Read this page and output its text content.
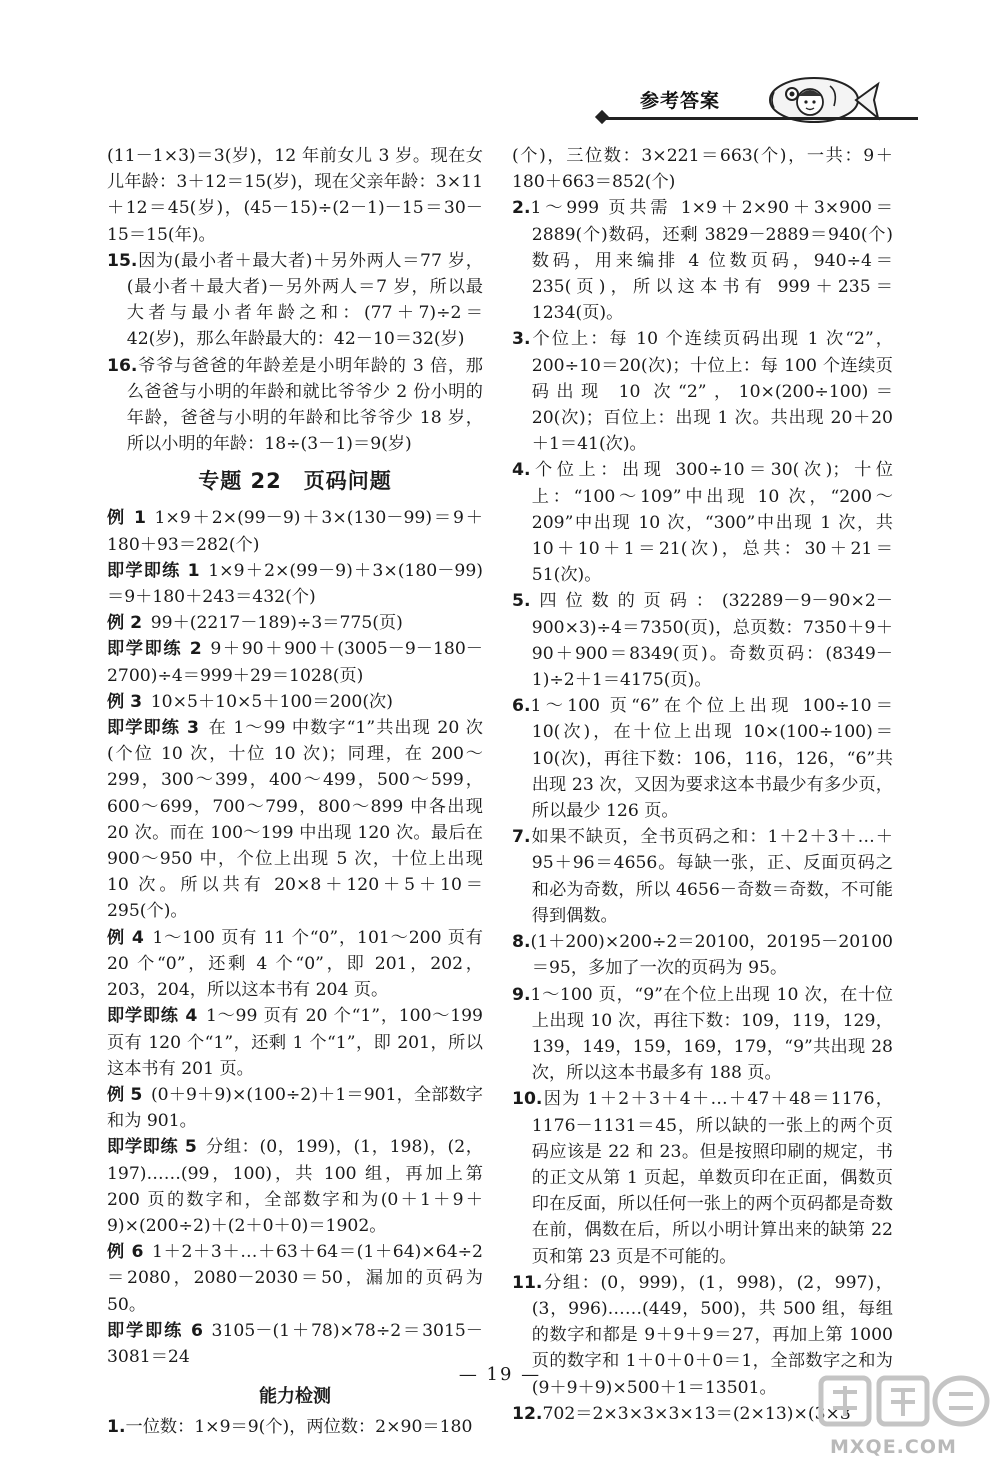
参考答案

(11－1×3)＝3(岁)，12 年前女儿 3 岁。现在女儿年龄：3＋12＝15(岁)，现在父亲年龄：3×11＋12＝45(岁)，(45－15)÷(2－1)－15＝30－15＝15(年)。

15.因为(最小者＋最大者)＋另外两人＝77 岁，(最小者＋最大者)－另外两人＝7 岁，所以最大者与最小者年龄之和：(77＋7)÷2＝42(岁)，那么年龄最大的：42－10＝32(岁)

16.爷爷与爸爸的年龄差是小明年龄的 3 倍，那么爸爸与小明的年龄和就比爷爷少 2 份小明的年龄，爸爸与小明的年龄和比爷爷少 18 岁，所以小明的年龄：18÷(3－1)＝9(岁)

专题 22　页码问题

例 1 1×9＋2×(99－9)＋3×(130－99)＝9＋180＋93＝282(个)

即学即练 1 1×9＋2×(99－9)＋3×(180－99)＝9＋180＋243＝432(个)

例 2 99＋(2217－189)÷3＝775(页)

即学即练 2 9＋90＋900＋(3005－9－180－2700)÷4＝999＋29＝1028(页)

例 3 10×5＋10×5＋100＝200(次)

即学即练 3 在 1～99 中数字“1”共出现 20 次(个位 10 次，十位 10 次)；同理，在 200～299，300～399，400～499，500～599，600～699，700～799，800～899 中各出现 20 次。而在 100～199 中出现 120 次。最后在 900～950 中，个位上出现 5 次，十位上出现 10 次。所以共有 20×8＋120＋5＋10＝295(个)。

例 4 1～100 页有 11 个“0”，101～200 页有 20 个“0”，还剩 4 个“0”，即 201，202，203，204，所以这本书有 204 页。

即学即练 4 1～99 页有 20 个“1”，100～199 页有 120 个“1”，还剩 1 个“1”，即 201，所以这本书有 201 页。

例 5 (0＋9＋9)×(100÷2)＋1＝901，全部数字和为 901。

即学即练 5 分组：(0，199)，(1，198)，(2，197)……(99，100)，共 100 组，再加上第 200 页的数字和，全部数字和为(0＋1＋9＋9)×(200÷2)＋(2＋0＋0)＝1902。

例 6 1＋2＋3＋…＋63＋64＝(1＋64)×64÷2＝2080，2080－2030＝50，漏加的页码为 50。

即学即练 6 3105－(1＋78)×78÷2＝3015－3081＝24

能力检测

1.一位数：1×9＝9(个)，两位数：2×90＝180

(个)，三位数：3×221＝663(个)，一共：9＋180＋663＝852(个)

2.1～999 页共需 1×9＋2×90＋3×900＝2889(个)数码，还剩 3829－2889＝940(个)数码，用来编排 4 位数页码，940÷4＝235(页)，所以这本书有 999＋235＝1234(页)。

3.个位上：每 10 个连续页码出现 1 次“2”，200÷10＝20(次)；十位上：每 100 个连续页码出现 10 次“2”，10×(200÷100)＝20(次)；百位上：出现 1 次。共出现 20＋20＋1＝41(次)。

4.个位上：出现 300÷10＝30(次)；十位上：“100～109”中出现 10 次，“200～209”中出现 10 次，“300”中出现 1 次，共 10＋10＋1＝21(次)，总共：30＋21＝51(次)。

5.四位数的页码：(32289－9－90×2－900×3)÷4＝7350(页)，总页数：7350＋9＋90＋900＝8349(页)。奇数页码：(8349－1)÷2＋1＝4175(页)。

6.1～100 页“6”在个位上出现 100÷10＝10(次)，在十位上出现 10×(100÷100)＝10(次)，再往下数：106，116，126，“6”共出现 23 次，又因为要求这本书最少有多少页，所以最少 126 页。

7.如果不缺页，全书页码之和：1＋2＋3＋…＋95＋96＝4656。每缺一张，正、反面页码之和必为奇数，所以 4656－奇数＝奇数，不可能得到偶数。

8.(1＋200)×200÷2＝20100，20195－20100＝95，多加了一次的页码为 95。

9.1～100 页，“9”在个位上出现 10 次，在十位上出现 10 次，再往下数：109，119，129，139，149，159，169，179，“9”共出现 28 次，所以这本书最多有 188 页。

10.因为 1＋2＋3＋4＋…＋47＋48＝1176，1176－1131＝45，所以缺的一张上的两个页码应该是 22 和 23。但是按照印刷的规定，书的正文从第 1 页起，单数页印在正面，偶数页印在反面，所以任何一张上的两个页码都是奇数在前，偶数在后，所以小明计算出来的缺第 22 页和第 23 页是不可能的。

11.分组：(0，999)，(1，998)，(2，997)，(3，996)……(449，500)，共 500 组，每组的数字和都是 9＋9＋9＝27，再加上第 1000 页的数字和 1＋0＋0＋0＝1，全部数字之和为(9＋9＋9)×500＋1＝13501。

12.702＝2×3×3×3×13＝(2×13)×(3×3

— 19 —
MXQE.COM
